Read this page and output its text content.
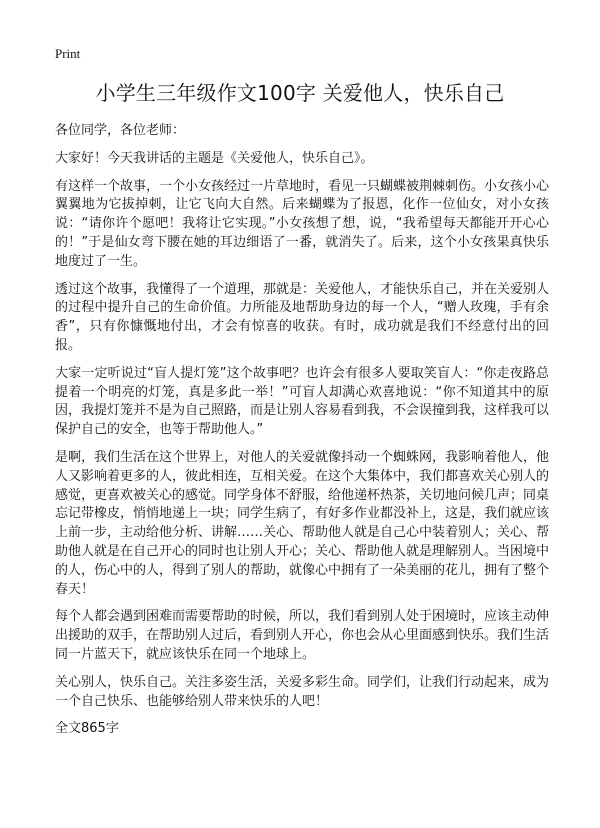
Print
小学生三年级作文100字 关爱他人，快乐自己

各位同学，各位老师：

大家好！今天我讲话的主题是《关爱他人，快乐自己》。

有这样一个故事，一个小女孩经过一片草地时，看见一只蝴蝶被荆棘刺伤。小女孩小心翼翼地为它拔掉刺，让它飞向大自然。后来蝴蝶为了报恩，化作一位仙女，对小女孩说：“请你许个愿吧！我将让它实现。”小女孩想了想，说，“我希望每天都能开开心心的！”于是仙女弯下腰在她的耳边细语了一番，就消失了。后来，这个小女孩果真快乐地度过了一生。

透过这个故事，我懂得了一个道理，那就是：关爱他人，才能快乐自己，并在关爱别人的过程中提升自己的生命价值。力所能及地帮助身边的每一个人，“赠人玫瑰，手有余香”，只有你慷慨地付出，才会有惊喜的收获。有时，成功就是我们不经意付出的回报。

大家一定听说过“盲人提灯笼”这个故事吧？也许会有很多人要取笑盲人：“你走夜路总提着一个明亮的灯笼，真是多此一举！”可盲人却满心欢喜地说：“你不知道其中的原因，我提灯笼并不是为自己照路，而是让别人容易看到我，不会误撞到我，这样我可以保护自己的安全，也等于帮助他人。”

是啊，我们生活在这个世界上，对他人的关爱就像抖动一个蜘蛛网，我影响着他人，他人又影响着更多的人，彼此相连，互相关爱。在这个大集体中，我们都喜欢关心别人的感觉，更喜欢被关心的感觉。同学身体不舒服，给他递杯热茶，关切地问候几声；同桌忘记带橡皮，悄悄地递上一块；同学生病了，有好多作业都没补上，这是，我们就应该上前一步，主动给他分析、讲解……关心、帮助他人就是自己心中装着别人；关心、帮助他人就是在自己开心的同时也让别人开心；关心、帮助他人就是理解别人。当困境中的人，伤心中的人，得到了别人的帮助，就像心中拥有了一朵美丽的花儿，拥有了整个春天！

每个人都会遇到困难而需要帮助的时候，所以，我们看到别人处于困境时，应该主动伸出援助的双手，在帮助别人过后，看到别人开心，你也会从心里面感到快乐。我们生活同一片蓝天下，就应该快乐在同一个地球上。

关心别人，快乐自己。关注多姿生活，关爱多彩生命。同学们，让我们行动起来，成为一个自己快乐、也能够给别人带来快乐的人吧！

全文865字
